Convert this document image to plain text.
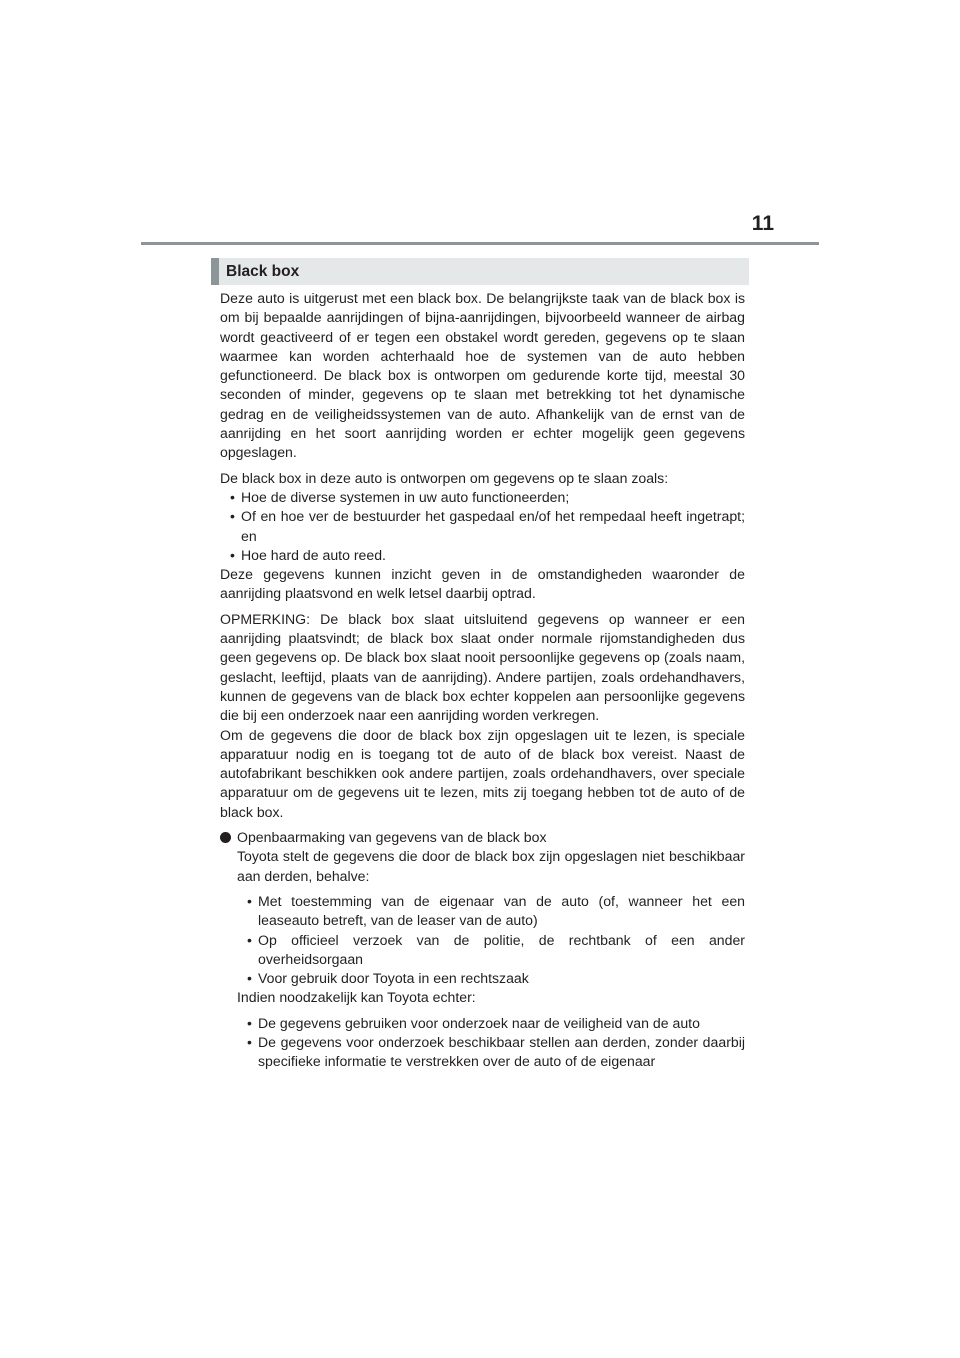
11
Black box

Deze auto is uitgerust met een black box. De belangrijkste taak van de black box is om bij bepaalde aanrijdingen of bijna-aanrijdingen, bijvoorbeeld wanneer de airbag wordt geactiveerd of er tegen een obstakel wordt gereden, gegevens op te slaan waarmee kan worden achterhaald hoe de systemen van de auto hebben gefunctioneerd. De black box is ontworpen om gedurende korte tijd, meestal 30 seconden of minder, gegevens op te slaan met betrekking tot het dynamische gedrag en de veiligheidssystemen van de auto. Afhankelijk van de ernst van de aanrijding en het soort aanrijding worden er echter mogelijk geen gegevens opgeslagen.

De black box in deze auto is ontworpen om gegevens op te slaan zoals:

• Hoe de diverse systemen in uw auto functioneerden;
• Of en hoe ver de bestuurder het gaspedaal en/of het rempedaal heeft ingetrapt; en
• Hoe hard de auto reed.

Deze gegevens kunnen inzicht geven in de omstandigheden waaronder de aanrijding plaatsvond en welk letsel daarbij optrad.

OPMERKING: De black box slaat uitsluitend gegevens op wanneer er een aanrijding plaatsvindt; de black box slaat onder normale rijomstandigheden dus geen gegevens op. De black box slaat nooit persoonlijke gegevens op (zoals naam, geslacht, leeftijd, plaats van de aanrijding). Andere partijen, zoals ordehandhavers, kunnen de gegevens van de black box echter koppelen aan persoonlijke gegevens die bij een onderzoek naar een aanrijding worden verkregen.

Om de gegevens die door de black box zijn opgeslagen uit te lezen, is speciale apparatuur nodig en is toegang tot de auto of de black box vereist. Naast de autofabrikant beschikken ook andere partijen, zoals ordehandhavers, over speciale apparatuur om de gegevens uit te lezen, mits zij toegang hebben tot de auto of de black box.

Openbaarmaking van gegevens van de black box

Toyota stelt de gegevens die door de black box zijn opgeslagen niet beschikbaar aan derden, behalve:

• Met toestemming van de eigenaar van de auto (of, wanneer het een leaseauto betreft, van de leaser van de auto)
• Op officieel verzoek van de politie, de rechtbank of een ander overheidsorgaan
• Voor gebruik door Toyota in een rechtszaak

Indien noodzakelijk kan Toyota echter:

• De gegevens gebruiken voor onderzoek naar de veiligheid van de auto
• De gegevens voor onderzoek beschikbaar stellen aan derden, zonder daarbij specifieke informatie te verstrekken over de auto of de eigenaar
